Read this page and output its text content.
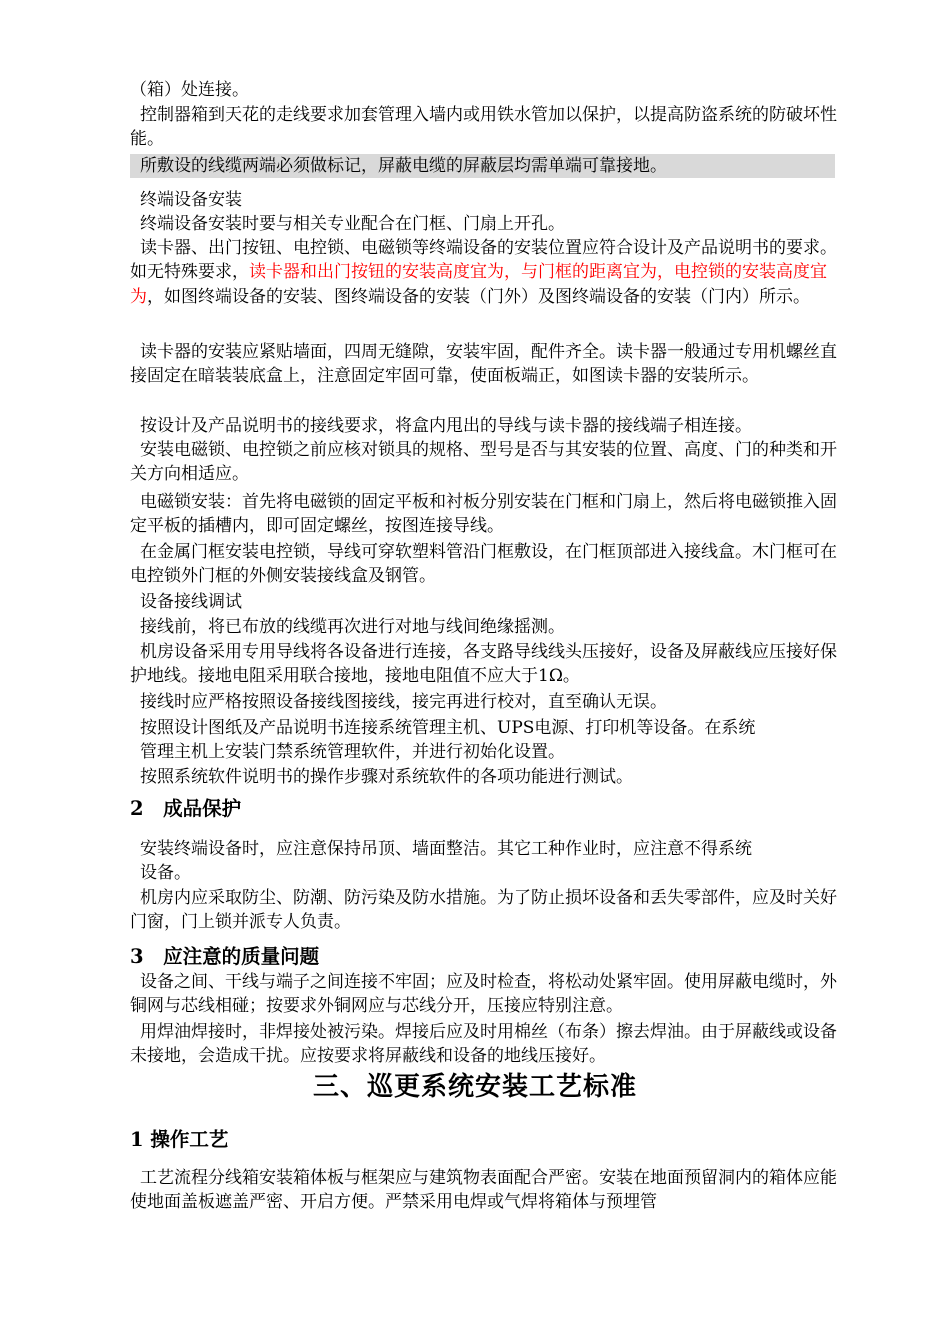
（箱）处连接。

控制器箱到天花的走线要求加套管理入墙内或用铁水管加以保护，以提高防盗系统的防破坏性能。

所敷设的线缆两端必须做标记，屏蔽电缆的屏蔽层均需单端可靠接地。

终端设备安装

终端设备安装时要与相关专业配合在门框、门扇上开孔。

读卡器、出门按钮、电控锁、电磁锁等终端设备的安装位置应符合设计及产品说明书的要求。如无特殊要求，读卡器和出门按钮的安装高度宜为，与门框的距离宜为，电控锁的安装高度宜为，如图终端设备的安装、图终端设备的安装（门外）及图终端设备的安装（门内）所示。

读卡器的安装应紧贴墙面，四周无缝隙，安装牢固，配件齐全。读卡器一般通过专用机螺丝直接固定在暗装装底盒上，注意固定牢固可靠，使面板端正，如图读卡器的安装所示。

按设计及产品说明书的接线要求，将盒内甩出的导线与读卡器的接线端子相连接。

安装电磁锁、电控锁之前应核对锁具的规格、型号是否与其安装的位置、高度、门的种类和开关方向相适应。

电磁锁安装：首先将电磁锁的固定平板和衬板分别安装在门框和门扇上，然后将电磁锁推入固定平板的插槽内，即可固定螺丝，按图连接导线。

在金属门框安装电控锁，导线可穿软塑料管沿门框敷设，在门框顶部进入接线盒。木门框可在电控锁外门框的外侧安装接线盒及钢管。

设备接线调试

接线前，将已布放的线缆再次进行对地与线间绝缘摇测。

机房设备采用专用导线将各设备进行连接，各支路导线线头压接好，设备及屏蔽线应压接好保护地线。接地电阻采用联合接地，接地电阻值不应大于1Ω。

接线时应严格按照设备接线图接线，接完再进行校对，直至确认无误。

按照设计图纸及产品说明书连接系统管理主机、UPS电源、打印机等设备。在系统

管理主机上安装门禁系统管理软件，并进行初始化设置。

按照系统软件说明书的操作步骤对系统软件的各项功能进行测试。

2　成品保护

安装终端设备时，应注意保持吊顶、墙面整洁。其它工种作业时，应注意不得系统

设备。

机房内应采取防尘、防潮、防污染及防水措施。为了防止损坏设备和丢失零部件，应及时关好门窗，门上锁并派专人负责。

3　应注意的质量问题

设备之间、干线与端子之间连接不牢固；应及时检查，将松动处紧牢固。使用屏蔽电缆时，外铜网与芯线相碰；按要求外铜网应与芯线分开，压接应特别注意。

用焊油焊接时，非焊接处被污染。焊接后应及时用棉丝（布条）擦去焊油。由于屏蔽线或设备未接地，会造成干扰。应按要求将屏蔽线和设备的地线压接好。

三、巡更系统安装工艺标准
1 操作工艺

工艺流程分线箱安装箱体板与框架应与建筑物表面配合严密。安装在地面预留洞内的箱体应能使地面盖板遮盖严密、开启方便。严禁采用电焊或气焊将箱体与预埋管
